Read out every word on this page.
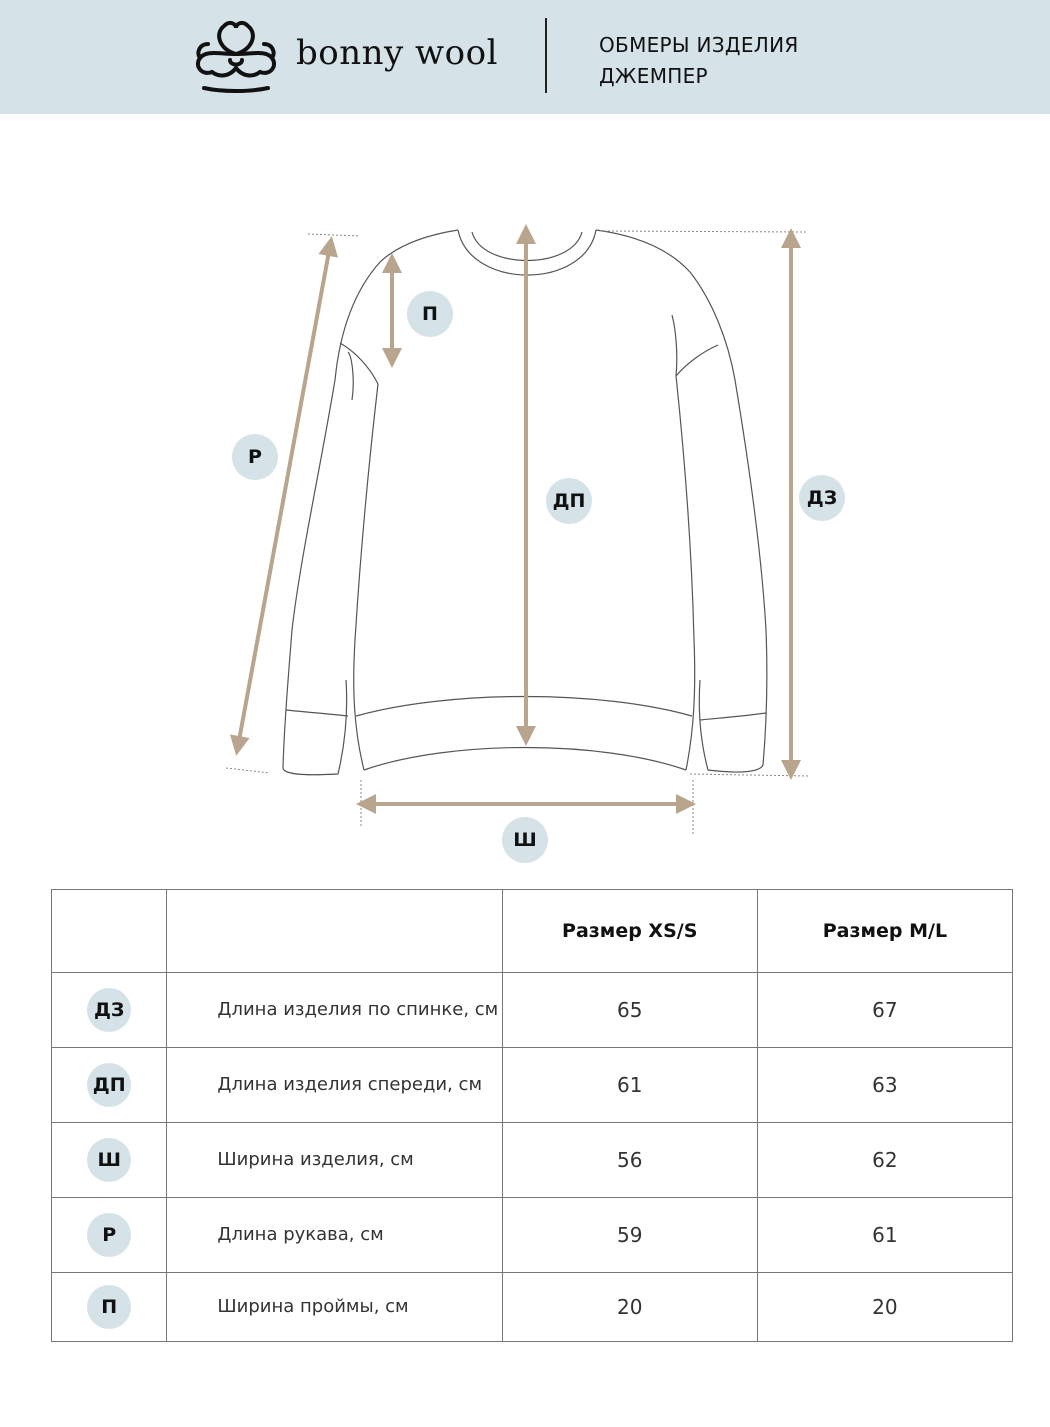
bonny wool	ОБМЕРЫ ИЗДЕЛИЯ
ДЖЕМПЕР
П
Р
ДП	ДЗ
Ш
		Размер XS/S	Размер M/L
ДЗ	Длина изделия по спинке, см	65	67
ДП	Длина изделия спереди, см	61	63
Ш	Ширина изделия, см	56	62
Р	Длина рукава, см	59	61
П	Ширина проймы, см	20	20
